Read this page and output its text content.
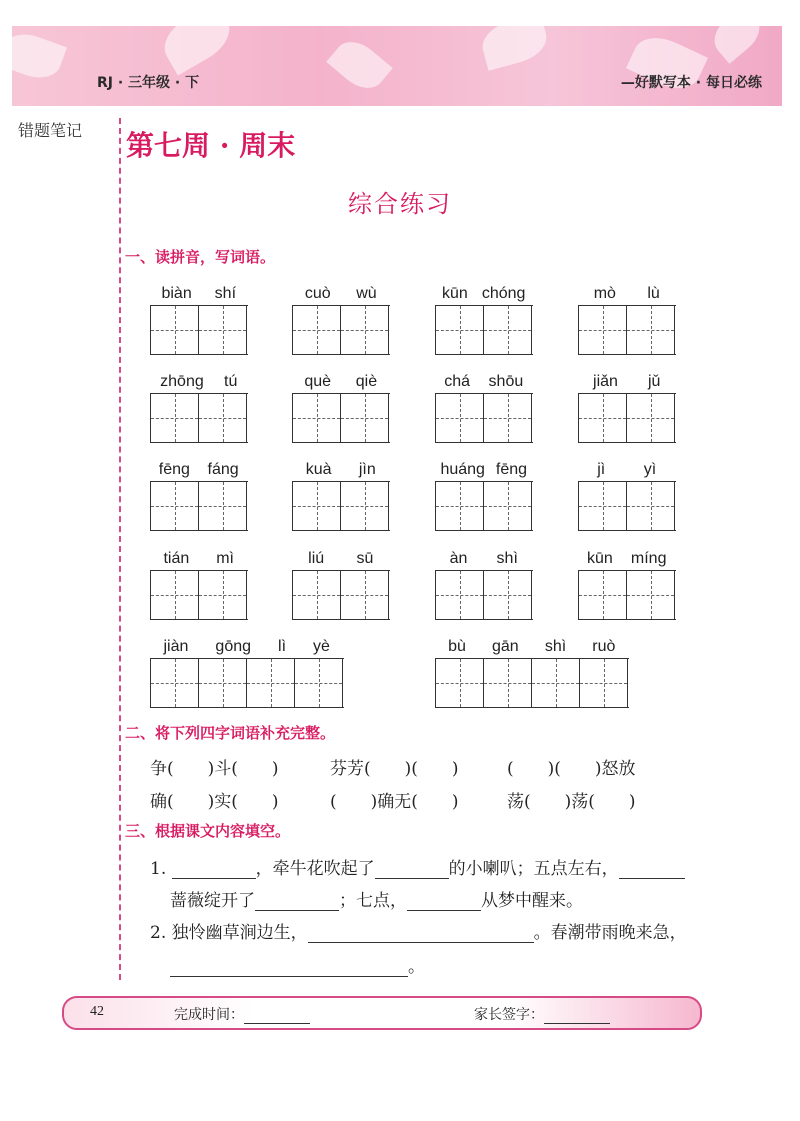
RJ · 三年级 · 下	—好默写本 · 每日必练
错题笔记 第七周 · 周末
综合练习
一、读拼音，写词语。
biàn shí	cuò wù	kūn chóng	mò lù
zhōng tú	què qiè	chá shōu	jiǎn jǔ
fēng fáng	kuà jìn	huáng fēng	jì yì
tián mì	liú sū	àn shì	kūn míng
jiàn gōng lì yè	bù gān shì ruò
二、将下列四字词语补充完整。
争(　　)斗(　　)	芬芳(　　)(　　)	(　　)(　　)怒放
确(　　)实(　　)	(　　)确无(　　)	荡(　　)荡(　　)
三、根据课文内容填空。
1.	，牵牛花吹起了	的小喇叭；五点左右，
蔷薇绽开了	；七点，	从梦中醒来。
2. 独怜幽草涧边生，	。春潮带雨晚来急，
。
42	完成时间：	家长签字：
